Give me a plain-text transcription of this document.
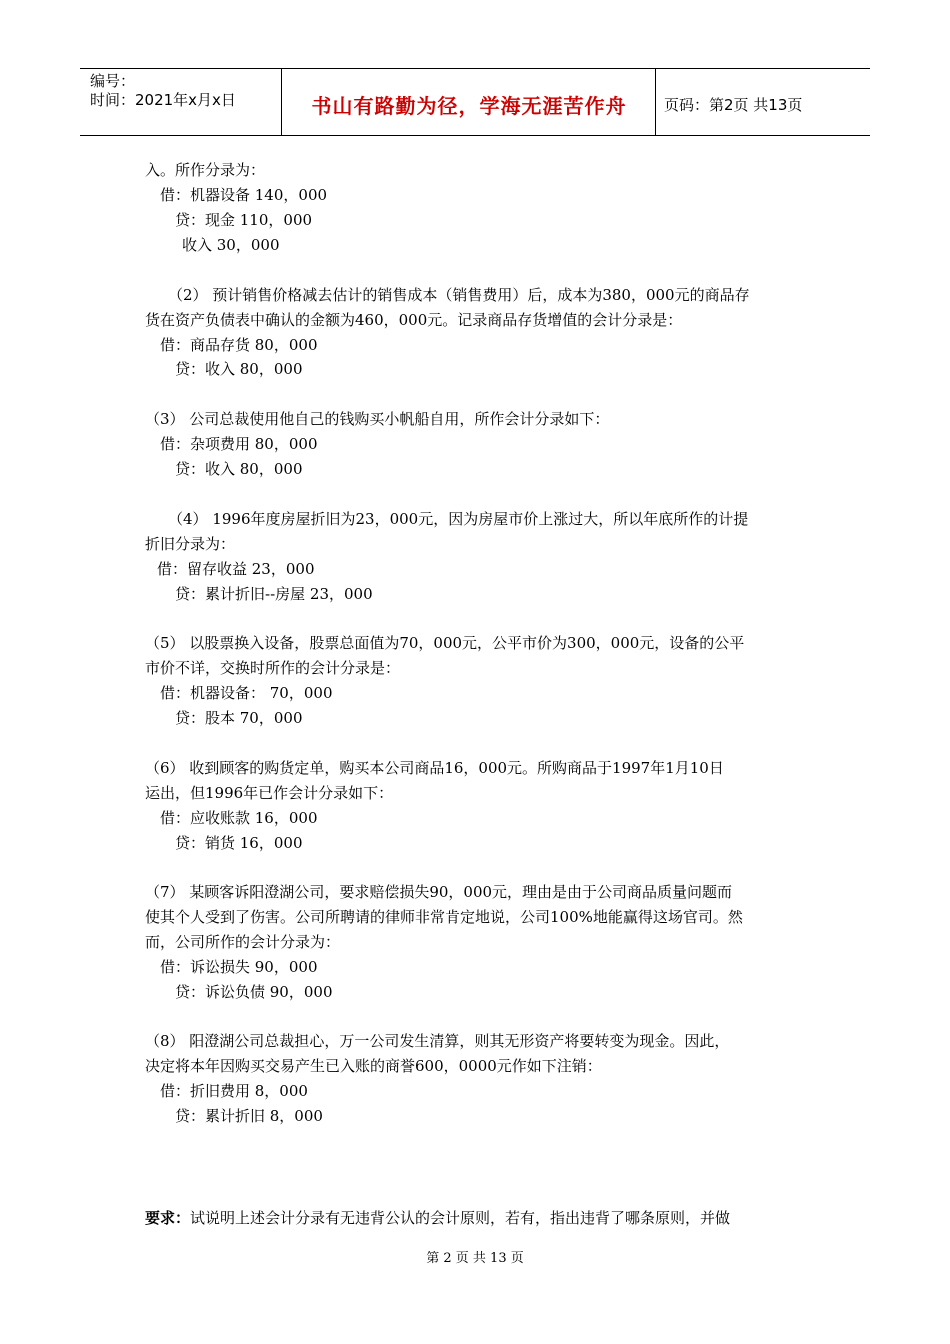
编号：
时间：2021年x月x日	书山有路勤为径，学海无涯苦作舟	页码：第2页 共13页
入。所作分录为：
借：机器设备 140，000
贷：现金 110，000
收入 30，000
（2） 预计销售价格减去估计的销售成本（销售费用）后，成本为380，000元的商品存
货在资产负债表中确认的金额为460，000元。记录商品存货增值的会计分录是：
借：商品存货 80，000
贷：收入 80，000
（3） 公司总裁使用他自己的钱购买小帆船自用，所作会计分录如下：
借：杂项费用 80，000
贷：收入 80，000
（4） 1996年度房屋折旧为23，000元，因为房屋市价上涨过大，所以年底所作的计提
折旧分录为：
借：留存收益 23，000
贷：累计折旧--房屋 23，000
（5） 以股票换入设备，股票总面值为70，000元，公平市价为300，000元，设备的公平
市价不详，交换时所作的会计分录是：
借：机器设备： 70，000
贷：股本 70，000
（6） 收到顾客的购货定单，购买本公司商品16，000元。所购商品于1997年1月10日
运出，但1996年已作会计分录如下：
借：应收账款 16，000
贷：销货 16，000
（7） 某顾客诉阳澄湖公司，要求赔偿损失90，000元，理由是由于公司商品质量问题而
使其个人受到了伤害。公司所聘请的律师非常肯定地说，公司100%地能赢得这场官司。然
而，公司所作的会计分录为：
借：诉讼损失 90，000
贷：诉讼负债 90，000
（8） 阳澄湖公司总裁担心，万一公司发生清算，则其无形资产将要转变为现金。因此，
决定将本年因购买交易产生已入账的商誉600，0000元作如下注销：
借：折旧费用 8，000
贷：累计折旧 8，000
要求：试说明上述会计分录有无违背公认的会计原则，若有，指出违背了哪条原则，并做
第 2 页 共 13 页
